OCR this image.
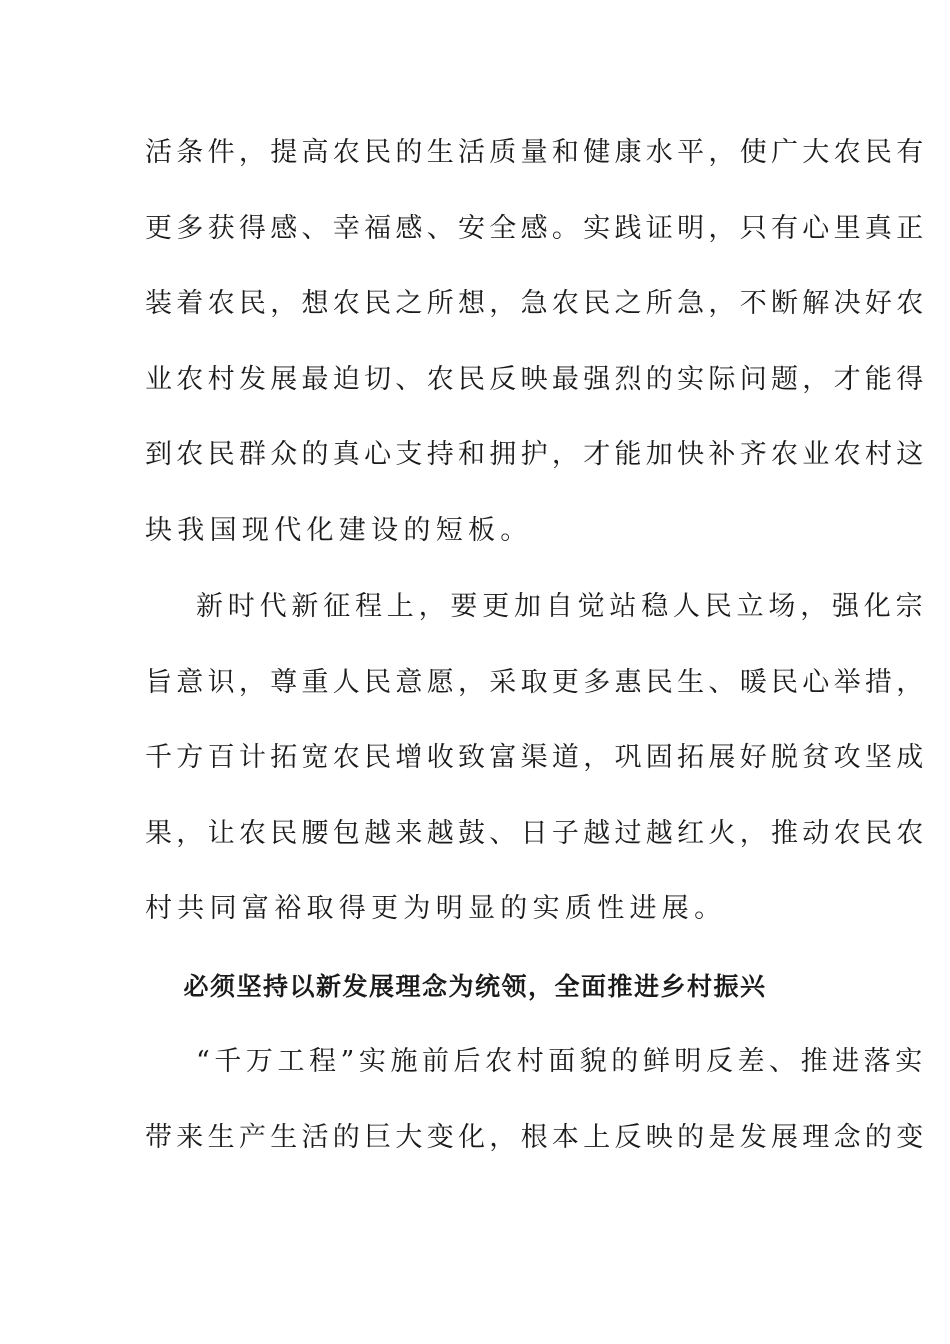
活条件，提高农民的生活质量和健康水平，使广大农民有
更多获得感、幸福感、安全感。实践证明，只有心里真正
装着农民，想农民之所想，急农民之所急，不断解决好农
业农村发展最迫切、农民反映最强烈的实际问题，才能得
到农民群众的真心支持和拥护，才能加快补齐农业农村这
块我国现代化建设的短板。
新时代新征程上，要更加自觉站稳人民立场，强化宗
旨意识，尊重人民意愿，采取更多惠民生、暖民心举措，
千方百计拓宽农民增收致富渠道，巩固拓展好脱贫攻坚成
果，让农民腰包越来越鼓、日子越过越红火，推动农民农
村共同富裕取得更为明显的实质性进展。
必须坚持以新发展理念为统领，全面推进乡村振兴
“千万工程”实施前后农村面貌的鲜明反差、推进落实
带来生产生活的巨大变化，根本上反映的是发展理念的变
